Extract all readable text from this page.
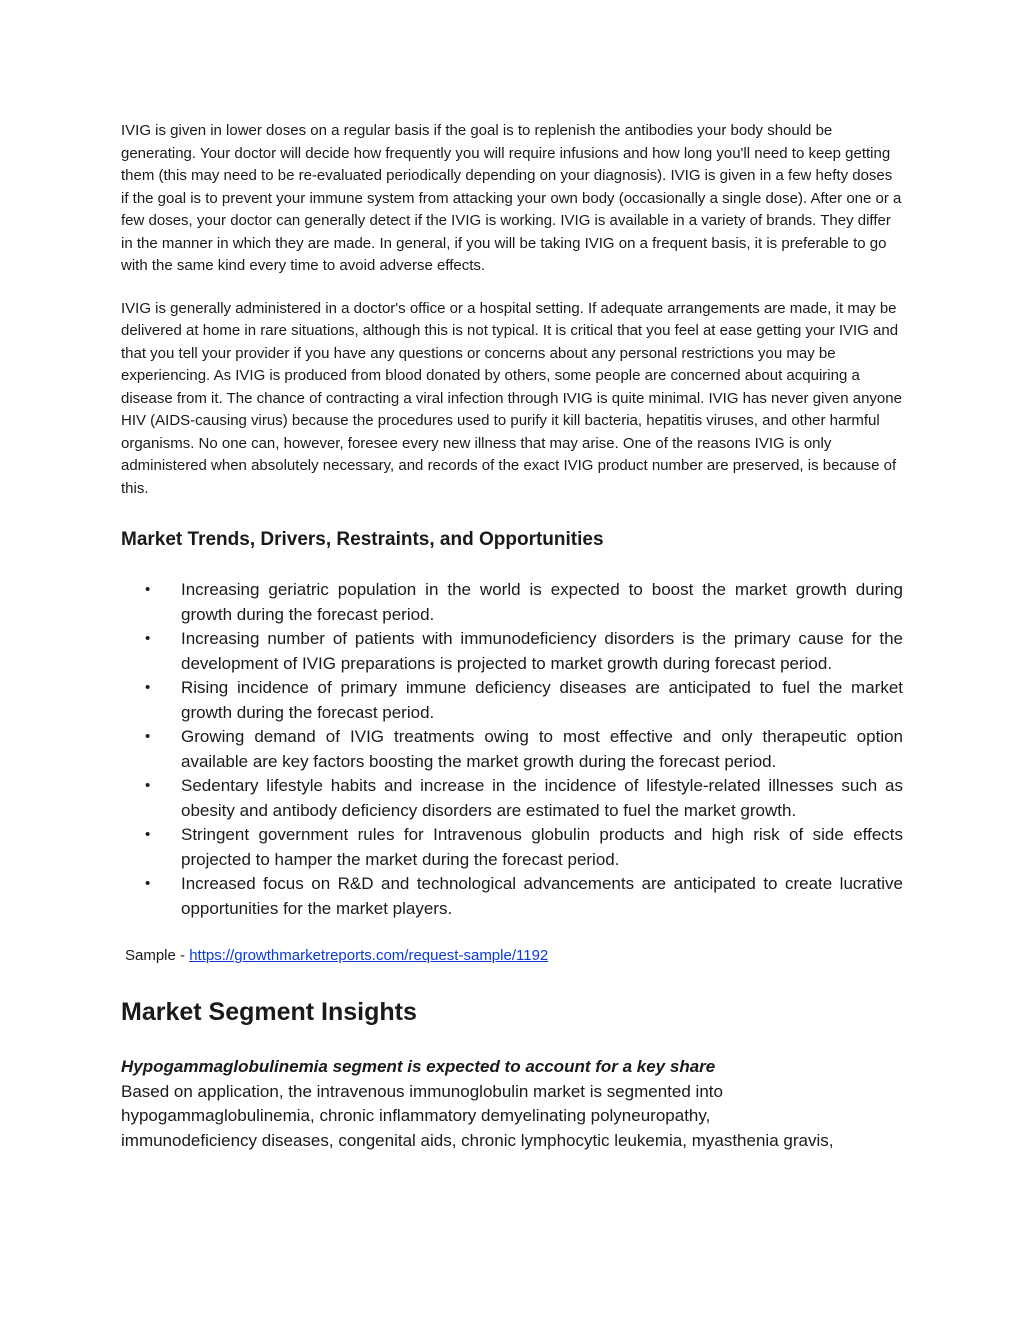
IVIG is given in lower doses on a regular basis if the goal is to replenish the antibodies your body should be generating. Your doctor will decide how frequently you will require infusions and how long you'll need to keep getting them (this may need to be re-evaluated periodically depending on your diagnosis). IVIG is given in a few hefty doses if the goal is to prevent your immune system from attacking your own body (occasionally a single dose). After one or a few doses, your doctor can generally detect if the IVIG is working. IVIG is available in a variety of brands. They differ in the manner in which they are made. In general, if you will be taking IVIG on a frequent basis, it is preferable to go with the same kind every time to avoid adverse effects.

IVIG is generally administered in a doctor's office or a hospital setting. If adequate arrangements are made, it may be delivered at home in rare situations, although this is not typical. It is critical that you feel at ease getting your IVIG and that you tell your provider if you have any questions or concerns about any personal restrictions you may be experiencing. As IVIG is produced from blood donated by others, some people are concerned about acquiring a disease from it. The chance of contracting a viral infection through IVIG is quite minimal. IVIG has never given anyone HIV (AIDS-causing virus) because the procedures used to purify it kill bacteria, hepatitis viruses, and other harmful organisms. No one can, however, foresee every new illness that may arise. One of the reasons IVIG is only administered when absolutely necessary, and records of the exact IVIG product number are preserved, is because of this.

Market Trends, Drivers, Restraints, and Opportunities
• Increasing geriatric population in the world is expected to boost the market growth during growth during the forecast period.
• Increasing number of patients with immunodeficiency disorders is the primary cause for the development of IVIG preparations is projected to market growth during forecast period.
• Rising incidence of primary immune deficiency diseases are anticipated to fuel the market growth during the forecast period.
• Growing demand of IVIG treatments owing to most effective and only therapeutic option available are key factors boosting the market growth during the forecast period.
• Sedentary lifestyle habits and increase in the incidence of lifestyle-related illnesses such as obesity and antibody deficiency disorders are estimated to fuel the market growth.
• Stringent government rules for Intravenous globulin products and high risk of side effects projected to hamper the market during the forecast period.
• Increased focus on R&D and technological advancements are anticipated to create lucrative opportunities for the market players.

Sample - https://growthmarketreports.com/request-sample/1192

Market Segment Insights

Hypogammaglobulinemia segment is expected to account for a key share

Based on application, the intravenous immunoglobulin market is segmented into

hypogammaglobulinemia, chronic inflammatory demyelinating polyneuropathy,

immunodeficiency diseases, congenital aids, chronic lymphocytic leukemia, myasthenia gravis,
